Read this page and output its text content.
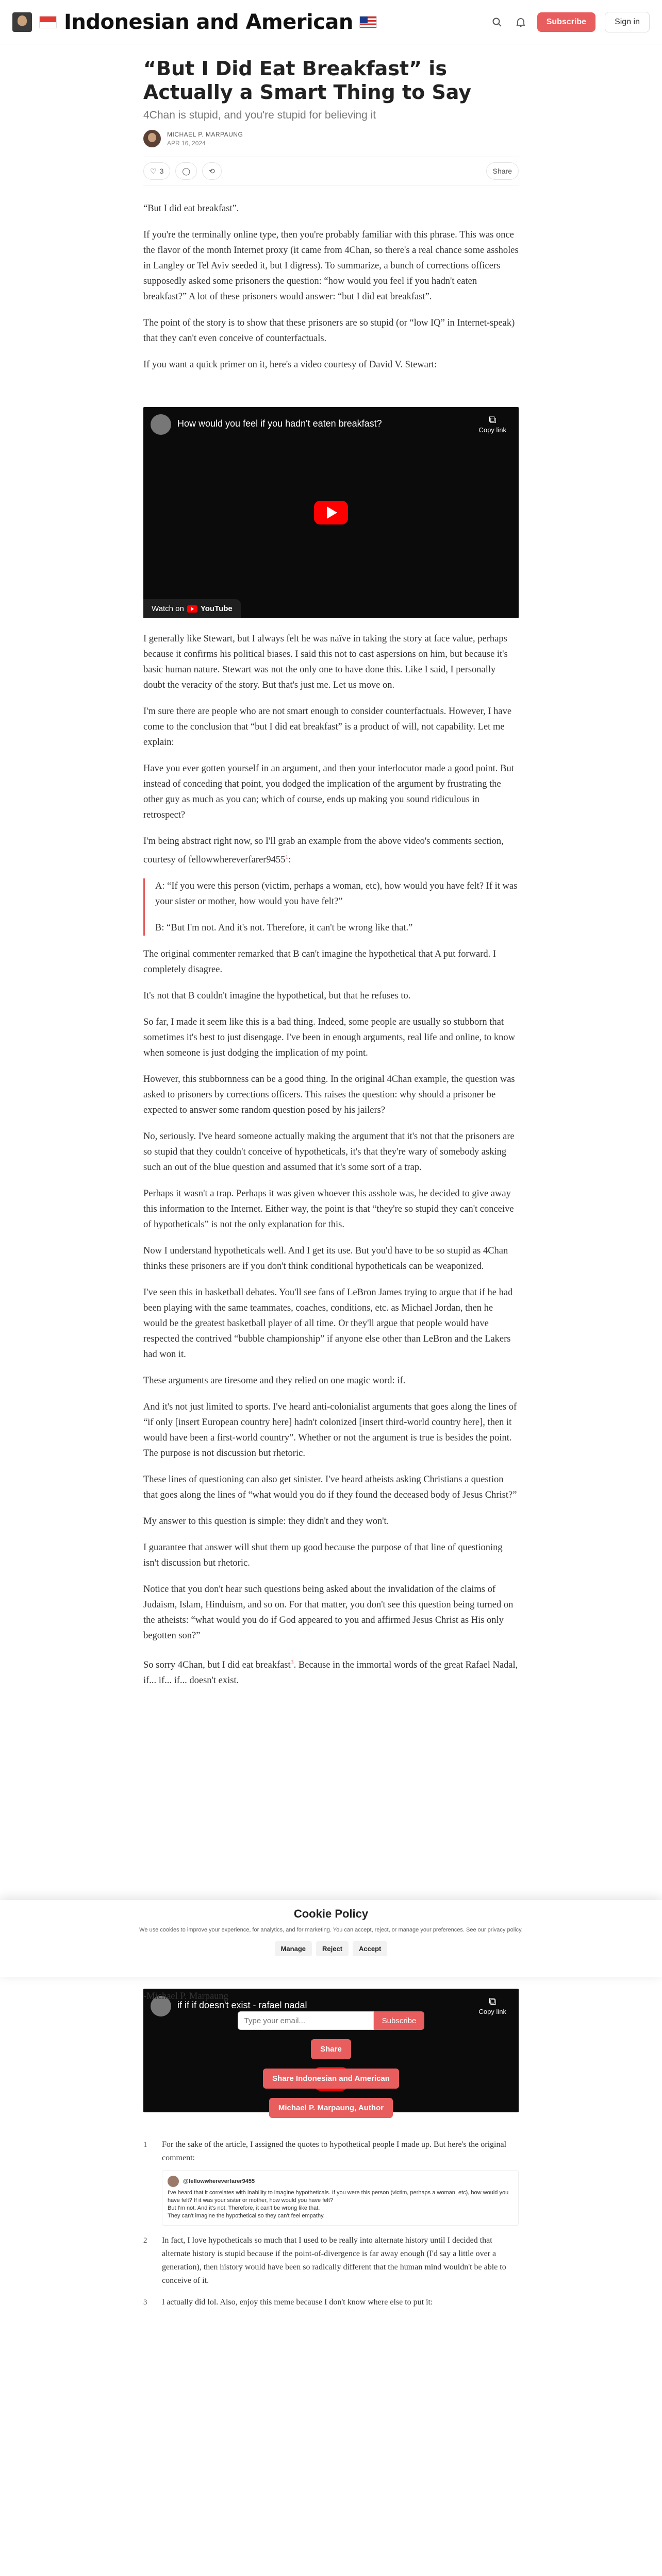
Indonesian and American	Subscribe	Sign in
“But I Did Eat Breakfast” is Actually a Smart Thing to Say
4Chan is stupid, and you're stupid for believing it
MICHAEL P. MARPAUNG
APR 16, 2024
♡ 3	◯	⟲	Share

“But I did eat breakfast”.

If you're the terminally online type, then you're probably familiar with this phrase. This was once the flavor of the month Internet proxy (it came from 4Chan, so there's a real chance some assholes in Langley or Tel Aviv seeded it, but I digress). To summarize, a bunch of corrections officers supposedly asked some prisoners the question: “how would you feel if you hadn't eaten breakfast?” A lot of these prisoners would answer: “but I did eat breakfast”.

The point of the story is to show that these prisoners are so stupid (or “low IQ” in Internet-speak) that they can't even conceive of counterfactuals.

If you want a quick primer on it, here's a video courtesy of David V. Stewart:

How would you feel if you hadn't eaten breakfast?	⧉
Copy link
Watch on YouTube

I generally like Stewart, but I always felt he was naïve in taking the story at face value, perhaps because it confirms his political biases. I said this not to cast aspersions on him, but because it's basic human nature. Stewart was not the only one to have done this. Like I said, I personally doubt the veracity of the story. But that's just me. Let us move on.

I'm sure there are people who are not smart enough to consider counterfactuals. However, I have come to the conclusion that “but I did eat breakfast” is a product of will, not capability. Let me explain:

Have you ever gotten yourself in an argument, and then your interlocutor made a good point. But instead of conceding that point, you dodged the implication of the argument by frustrating the other guy as much as you can; which of course, ends up making you sound ridiculous in retrospect?

I'm being abstract right now, so I'll grab an example from the above video's comments section, courtesy of fellowwhereverfarer9455$^1$:

A: “If you were this person (victim, perhaps a woman, etc), how would you have felt? If it was your sister or mother, how would you have felt?”

B: “But I'm not. And it's not. Therefore, it can't be wrong like that.”

The original commenter remarked that B can't imagine the hypothetical that A put forward. I completely disagree.

It's not that B couldn't imagine the hypothetical, but that he refuses to.

So far, I made it seem like this is a bad thing. Indeed, some people are usually so stubborn that sometimes it's best to just disengage. I've been in enough arguments, real life and online, to know when someone is just dodging the implication of my point.

However, this stubbornness can be a good thing. In the original 4Chan example, the question was asked to prisoners by corrections officers. This raises the question: why should a prisoner be expected to answer some random question posed by his jailers?

No, seriously. I've heard someone actually making the argument that it's not that the prisoners are so stupid that they couldn't conceive of hypotheticals, it's that they're wary of somebody asking such an out of the blue question and assumed that it's some sort of a trap.

Perhaps it wasn't a trap. Perhaps it was given whoever this asshole was, he decided to give away this information to the Internet. Either way, the point is that “they're so stupid they can't conceive of hypotheticals” is not the only explanation for this.

Now I understand hypotheticals well. And I get its use. But you'd have to be so stupid as 4Chan thinks these prisoners are if you don't think conditional hypotheticals can be weaponized.

I've seen this in basketball debates. You'll see fans of LeBron James trying to argue that if he had been playing with the same teammates, coaches, conditions, etc. as Michael Jordan, then he would be the greatest basketball player of all time. Or they'll argue that people would have respected the contrived “bubble championship” if anyone else other than LeBron and the Lakers had won it.

These arguments are tiresome and they relied on one magic word: if.

And it's not just limited to sports. I've heard anti-colonialist arguments that goes along the lines of “if only [insert European country here] hadn't colonized [insert third-world country here], then it would have been a first-world country”. Whether or not the argument is true is besides the point. The purpose is not discussion but rhetoric.

These lines of questioning can also get sinister. I've heard atheists asking Christians a question that goes along the lines of “what would you do if they found the deceased body of Jesus Christ?”

My answer to this question is simple: they didn't and they won't.

I guarantee that answer will shut them up good because the purpose of that line of questioning isn't discussion but rhetoric.

Notice that you don't hear such questions being asked about the invalidation of the claims of Judaism, Islam, Hinduism, and so on. For that matter, you don't see this question being turned on the atheists: “what would you do if God appeared to you and affirmed Jesus Christ as His only begotten son?”

So sorry 4Chan, but I did eat breakfast$^3$. Because in the immortal words of the great Rafael Nadal, if... if... if... doesn't exist.

if if if doesn't exist - rafael nadal	⧉
Copy link
Cookie Policy
We use cookies to improve your experience, for analytics, and for marketing. You can accept, reject, or manage your preferences. See our privacy policy.
Manage	Reject	Accept
-Michael P. Marpaung
Type your email...
Subscribe
Share
Share Indonesian and American
Michael P. Marpaung, Author
1	For the sake of the article, I assigned the quotes to hypothetical people I made up. But here's the original comment:
@fellowwhereverfarer9455
I've heard that it correlates with inability to imagine hypotheticals. If you were this person (victim, perhaps a woman, etc), how would you have felt? If it was your sister or mother, how would you have felt?
But I'm not. And it's not. Therefore, it can't be wrong like that.
They can't imagine the hypothetical so they can't feel empathy.
2	In fact, I love hypotheticals so much that I used to be really into alternate history until I decided that alternate history is stupid because if the point-of-divergence is far away enough (I'd say a little over a generation), then history would have been so radically different that the human mind wouldn't be able to conceive of it.
3	I actually did lol. Also, enjoy this meme because I don't know where else to put it:
